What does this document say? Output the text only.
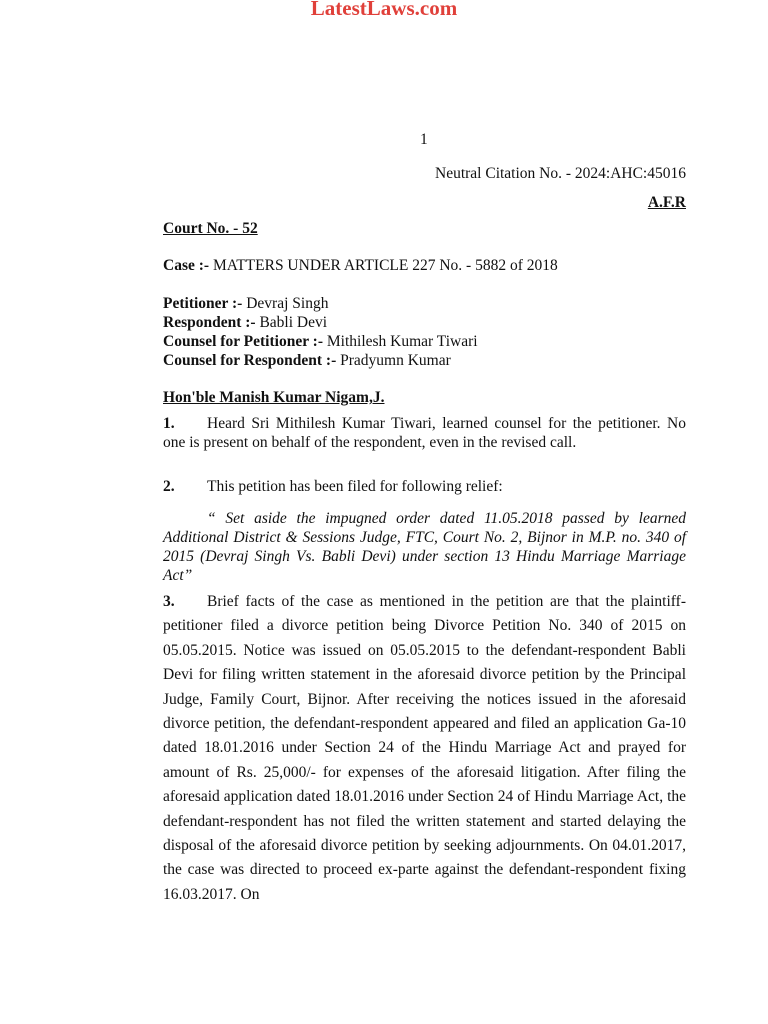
LatestLaws.com
1
Neutral Citation No. - 2024:AHC:45016
A.F.R
Court No. - 52
Case :- MATTERS UNDER ARTICLE 227 No. - 5882 of 2018
Petitioner :- Devraj Singh
Respondent :- Babli Devi
Counsel for Petitioner :- Mithilesh Kumar Tiwari
Counsel for Respondent :- Pradyumn Kumar
Hon'ble Manish Kumar Nigam,J.
1. Heard Sri Mithilesh Kumar Tiwari, learned counsel for the petitioner. No one is present on behalf of the respondent, even in the revised call.
2. This petition has been filed for following relief:
“ Set aside the impugned order dated 11.05.2018 passed by learned Additional District & Sessions Judge, FTC, Court No. 2, Bijnor in M.P. no. 340 of 2015 (Devraj Singh Vs. Babli Devi) under section 13 Hindu Marriage Marriage Act”
3. Brief facts of the case as mentioned in the petition are that the plaintiff-petitioner filed a divorce petition being Divorce Petition No. 340 of 2015 on 05.05.2015. Notice was issued on 05.05.2015 to the defendant-respondent Babli Devi for filing written statement in the aforesaid divorce petition by the Principal Judge, Family Court, Bijnor. After receiving the notices issued in the aforesaid divorce petition, the defendant-respondent appeared and filed an application Ga-10 dated 18.01.2016 under Section 24 of the Hindu Marriage Act and prayed for amount of Rs. 25,000/- for expenses of the aforesaid litigation. After filing the aforesaid application dated 18.01.2016 under Section 24 of Hindu Marriage Act, the defendant-respondent has not filed the written statement and started delaying the disposal of the aforesaid divorce petition by seeking adjournments. On 04.01.2017, the case was directed to proceed ex-parte against the defendant-respondent fixing 16.03.2017. On
